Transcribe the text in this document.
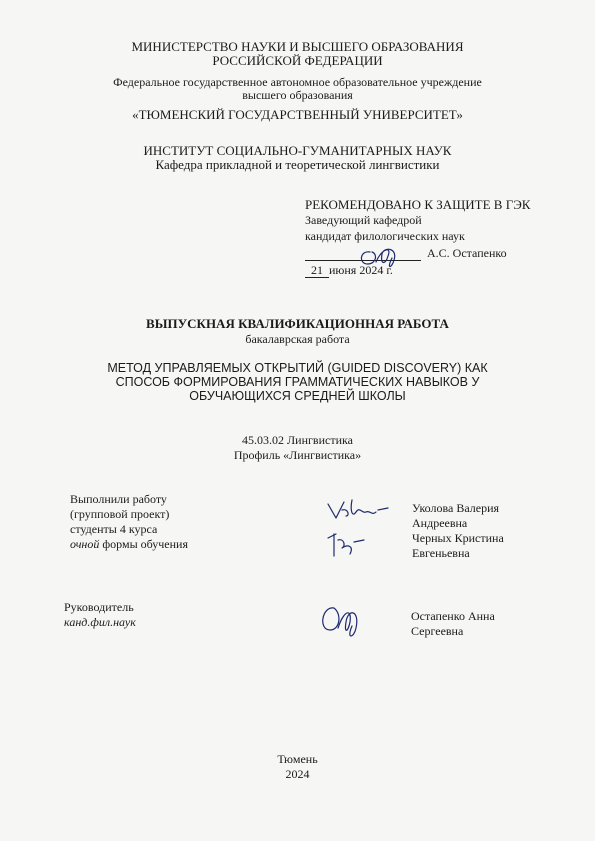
МИНИСТЕРСТВО НАУКИ И ВЫСШЕГО ОБРАЗОВАНИЯ
РОССИЙСКОЙ ФЕДЕРАЦИИ
Федеральное государственное автономное образовательное учреждение
высшего образования
«ТЮМЕНСКИЙ ГОСУДАРСТВЕННЫЙ УНИВЕРСИТЕТ»
ИНСТИТУТ СОЦИАЛЬНО-ГУМАНИТАРНЫХ НАУК
Кафедра прикладной и теоретической лингвистики
РЕКОМЕНДОВАНО К ЗАЩИТЕ В ГЭК
Заведующий кафедрой
кандидат филологических наук
А.С. Остапенко
21 июня 2024 г.
ВЫПУСКНАЯ КВАЛИФИКАЦИОННАЯ РАБОТА
бакалаврская работа
МЕТОД УПРАВЛЯЕМЫХ ОТКРЫТИЙ (GUIDED DISCOVERY) КАК
СПОСОБ ФОРМИРОВАНИЯ ГРАММАТИЧЕСКИХ НАВЫКОВ У
ОБУЧАЮЩИХСЯ СРЕДНЕЙ ШКОЛЫ
45.03.02 Лингвистика
Профиль «Лингвистика»
Выполнили работу
(групповой проект)
студенты 4 курса
очной формы обучения
Уколова Валерия
Андреевна
Черных Кристина
Евгеньевна
Руководитель
канд.фил.наук	Остапенко Анна
Сергеевна
Тюмень
2024
